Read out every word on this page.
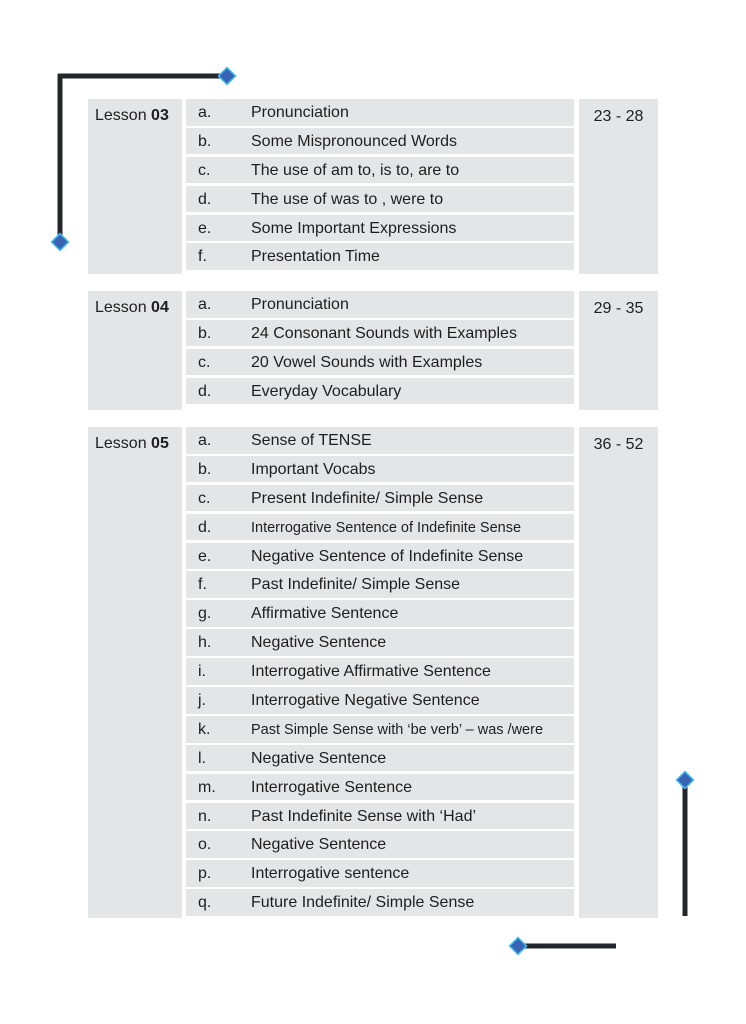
Lesson 03	a. Pronunciation
b. Some Mispronounced Words
c.	The use of am to, is to, are to
d. The use of was to , were to
e. Some Important Expressions
f.	Presentation Time
23 - 28
Lesson 04	a. Pronunciation
b. 24 Consonant Sounds with Examples
c.	20 Vowel Sounds with Examples
d. Everyday Vocabulary
29 - 35
Lesson 05	a. Sense of TENSE
b. Important Vocabs
c.	Present Indefinite/ Simple Sense
d.	Interrogative Sentence of Indefinite Sense
e. Negative Sentence of Indefinite Sense
f.	Past Indefinite/ Simple Sense
g. Affirmative Sentence
h. Negative Sentence
i.	Interrogative Affirmative Sentence
j.	Interrogative Negative Sentence
k.	Past Simple Sense with ‘be verb’ – was /were
l.	Negative Sentence
m. Interrogative Sentence
n. Past Indefinite Sense with ‘Had’
o. Negative Sentence
p. Interrogative sentence
q. Future Indefinite/ Simple Sense
36 - 52
